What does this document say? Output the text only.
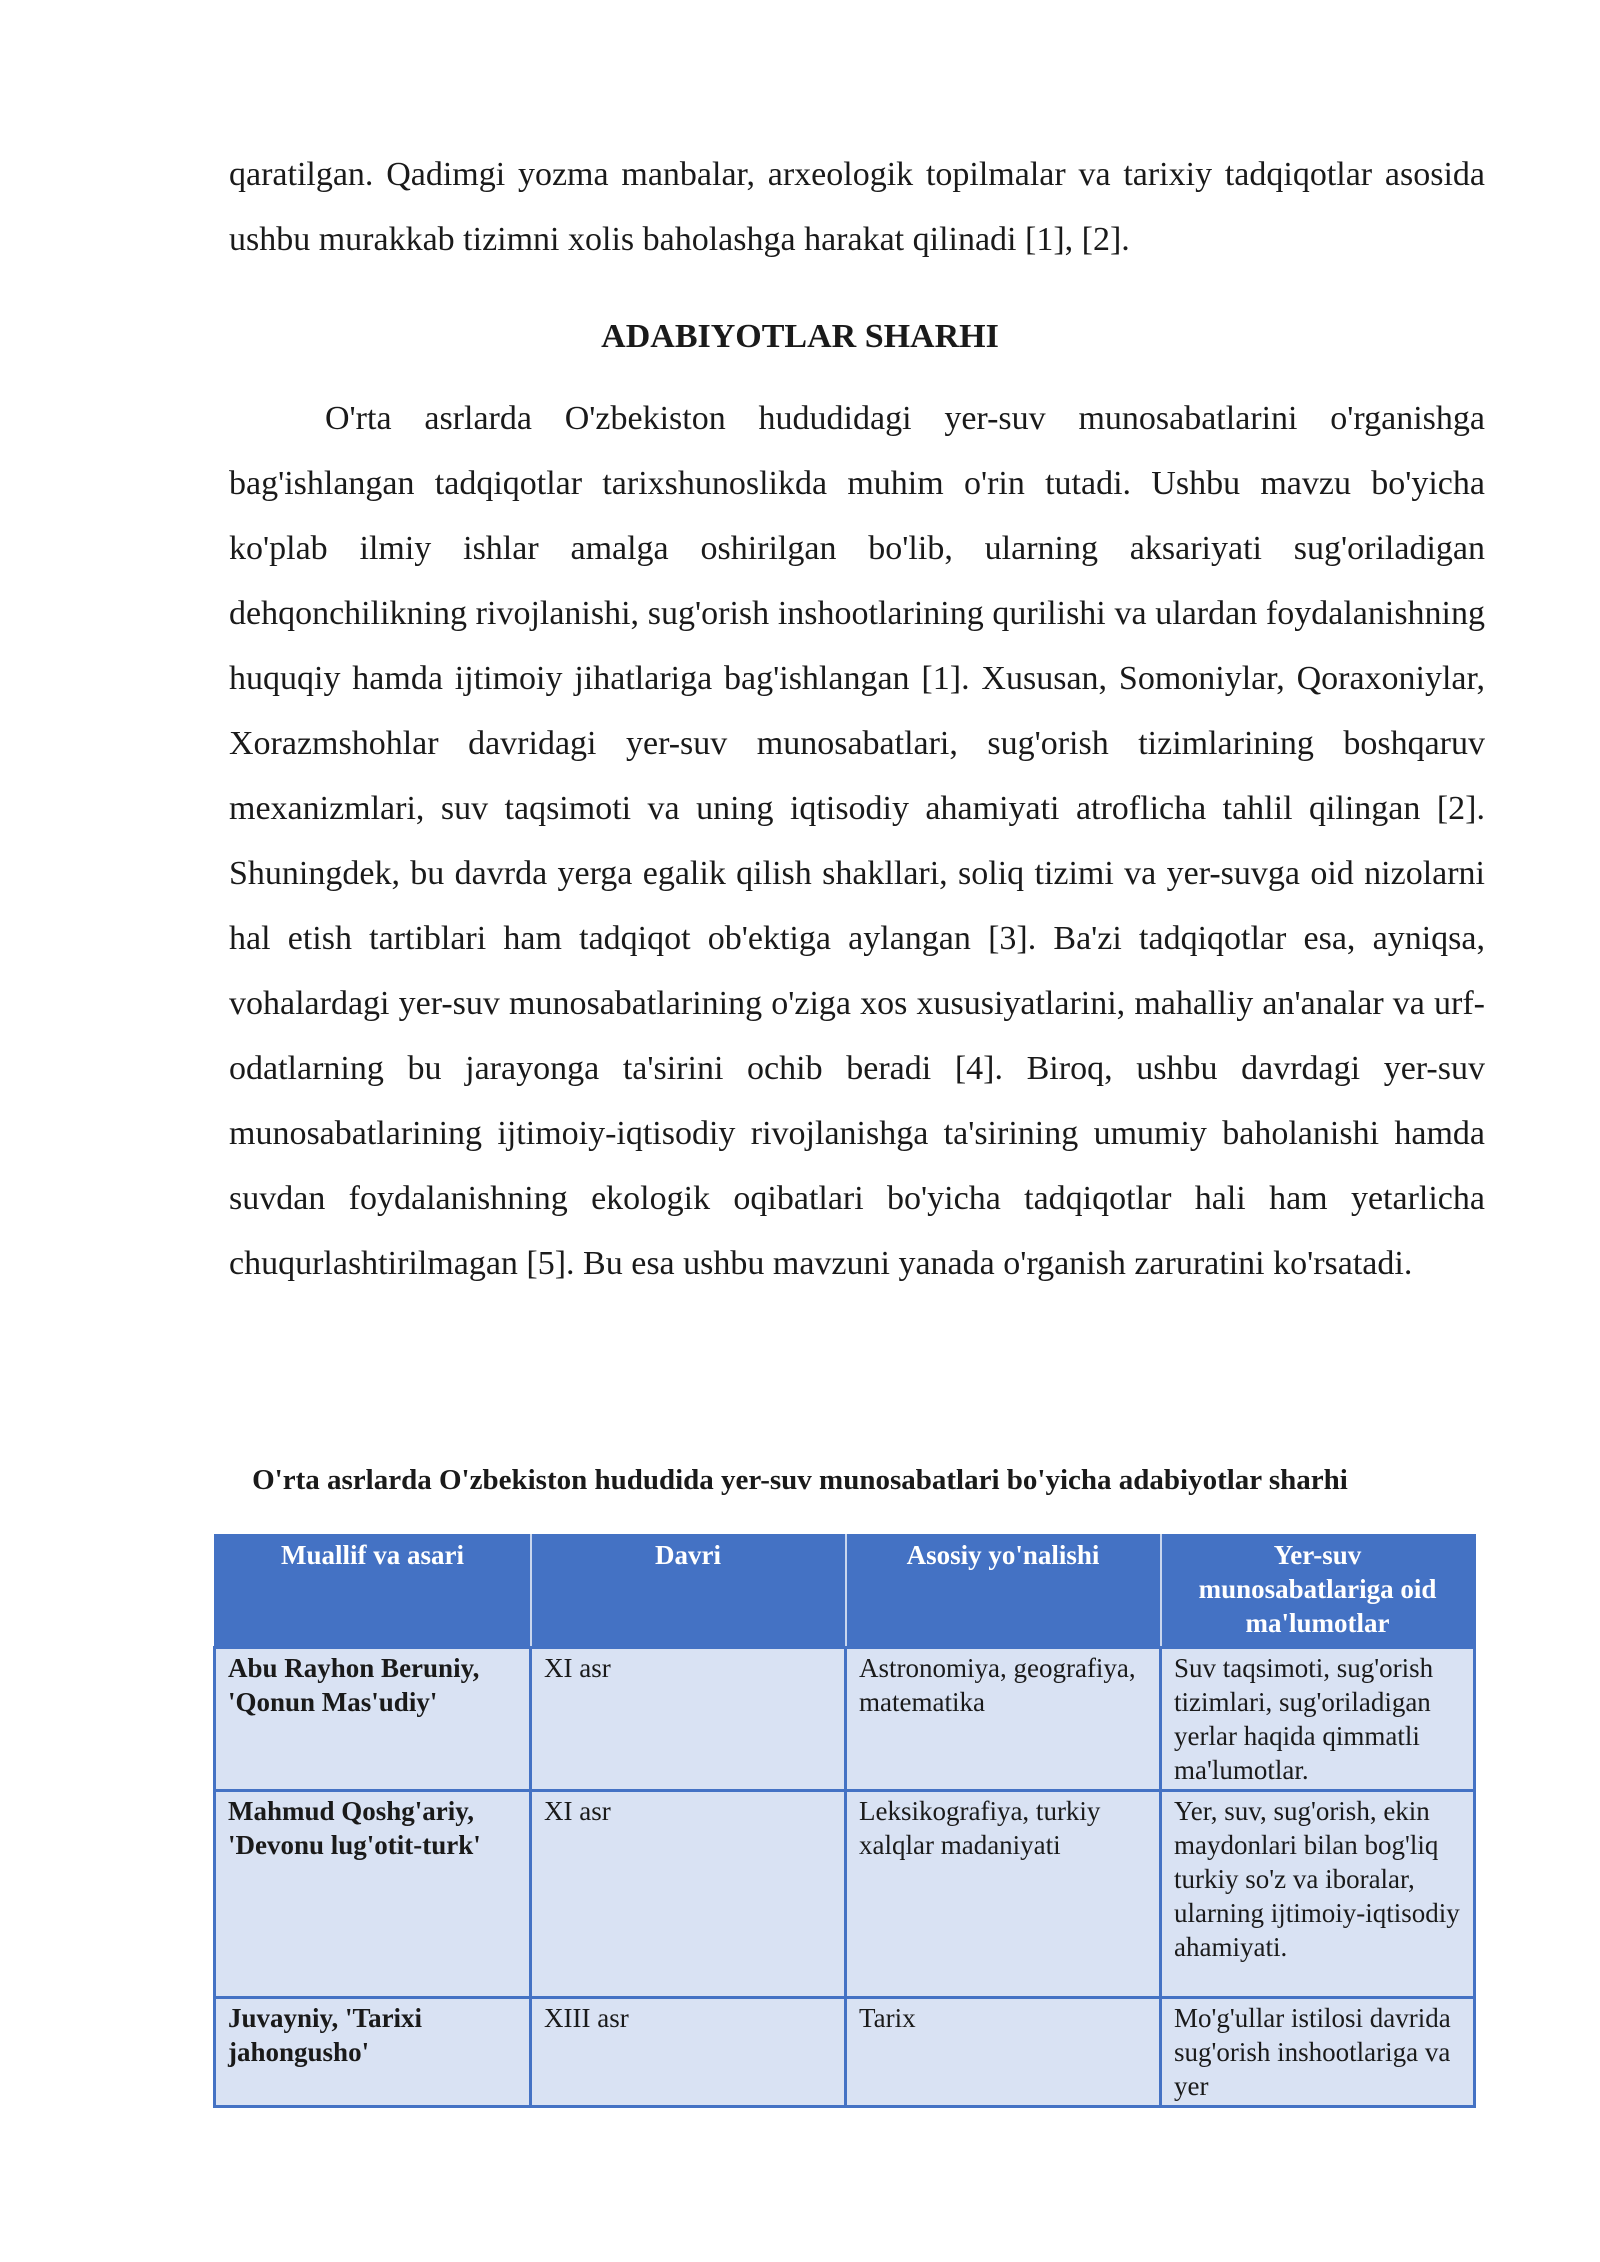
qaratilgan. Qadimgi yozma manbalar, arxeologik topilmalar va tarixiy tadqiqotlar asosida ushbu murakkab tizimni xolis baholashga harakat qilinadi [1], [2].

ADABIYOTLAR SHARHI

O'rta asrlarda O'zbekiston hududidagi yer-suv munosabatlarini o'rganishga bag'ishlangan tadqiqotlar tarixshunoslikda muhim o'rin tutadi. Ushbu mavzu bo'yicha ko'plab ilmiy ishlar amalga oshirilgan bo'lib, ularning aksariyati sug'oriladigan dehqonchilikning rivojlanishi, sug'orish inshootlarining qurilishi va ulardan foydalanishning huquqiy hamda ijtimoiy jihatlariga bag'ishlangan [1]. Xususan, Somoniylar, Qoraxoniylar, Xorazmshohlar davridagi yer-suv munosabatlari, sug'orish tizimlarining boshqaruv mexanizmlari, suv taqsimoti va uning iqtisodiy ahamiyati atroflicha tahlil qilingan [2]. Shuningdek, bu davrda yerga egalik qilish shakllari, soliq tizimi va yer-suvga oid nizolarni hal etish tartiblari ham tadqiqot ob'ektiga aylangan [3]. Ba'zi tadqiqotlar esa, ayniqsa, vohalardagi yer-suv munosabatlarining o'ziga xos xususiyatlarini, mahalliy an'analar va urf-odatlarning bu jarayonga ta'sirini ochib beradi [4]. Biroq, ushbu davrdagi yer-suv munosabatlarining ijtimoiy-iqtisodiy rivojlanishga ta'sirining umumiy baholanishi hamda suvdan foydalanishning ekologik oqibatlari bo'yicha tadqiqotlar hali ham yetarlicha chuqurlashtirilmagan [5]. Bu esa ushbu mavzuni yanada o'rganish zaruratini ko'rsatadi.

O'rta asrlarda O'zbekiston hududida yer-suv munosabatlari bo'yicha adabiyotlar sharhi

Muallif va asari	Davri	Asosiy yo'nalishi	Yer-suv munosabatlariga oid ma'lumotlar
Abu Rayhon Beruniy, 'Qonun Mas'udiy'	XI asr	Astronomiya, geografiya, matematika	Suv taqsimoti, sug'orish tizimlari, sug'oriladigan yerlar haqida qimmatli ma'lumotlar.
Mahmud Qoshg'ariy, 'Devonu lug'otit-turk'	XI asr	Leksikografiya, turkiy xalqlar madaniyati	Yer, suv, sug'orish, ekin maydonlari bilan bog'liq turkiy so'z va iboralar, ularning ijtimoiy-iqtisodiy ahamiyati.
Juvayniy, 'Tarixi jahongusho'	XIII asr	Tarix	Mo'g'ullar istilosi davrida sug'orish inshootlariga va yer
